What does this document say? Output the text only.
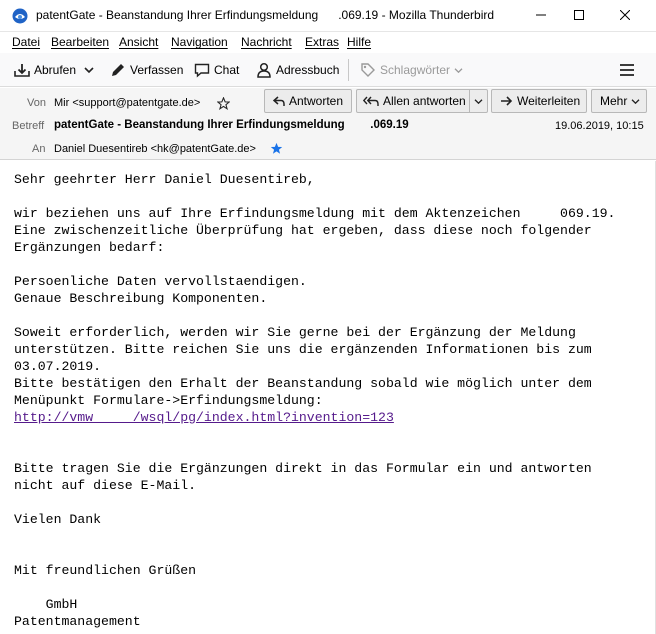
patentGate - Beanstandung Ihrer Erfindungsmeldung      .069.19 - Mozilla Thunderbird
Datei Bearbeiten Ansicht Navigation Nachricht Extras Hilfe
Abrufen	Verfassen	Chat	Adressbuch	Schlagwörter
Von Mir <support@patentgate.de>	Antworten	Allen antworten	Weiterleiten	Mehr
Betreff patentGate - Beanstandung Ihrer Erfindungsmeldung        .069.19	19.06.2019, 10:15
An Daniel Duesentireb <hk@patentGate.de>
Sehr geehrter Herr Daniel Duesentireb,
wir beziehen uns auf Ihre Erfindungsmeldung mit dem Aktenzeichen     069.19.
Eine zwischenzeitliche Überprüfung hat ergeben, dass diese noch folgender
Ergänzungen bedarf:
Persoenliche Daten vervollstaendigen.
Genaue Beschreibung Komponenten.
Soweit erforderlich, werden wir Sie gerne bei der Ergänzung der Meldung
unterstützen. Bitte reichen Sie uns die ergänzenden Informationen bis zum
03.07.2019.
Bitte bestätigen den Erhalt der Beanstandung sobald wie möglich unter dem
Menüpunkt Formulare->Erfindungsmeldung:
http://vmw     /wsql/pg/index.html?invention=123
Bitte tragen Sie die Ergänzungen direkt in das Formular ein und antworten
nicht auf diese E-Mail.
Vielen Dank
Mit freundlichen Grüßen
GmbH
Patentmanagement
